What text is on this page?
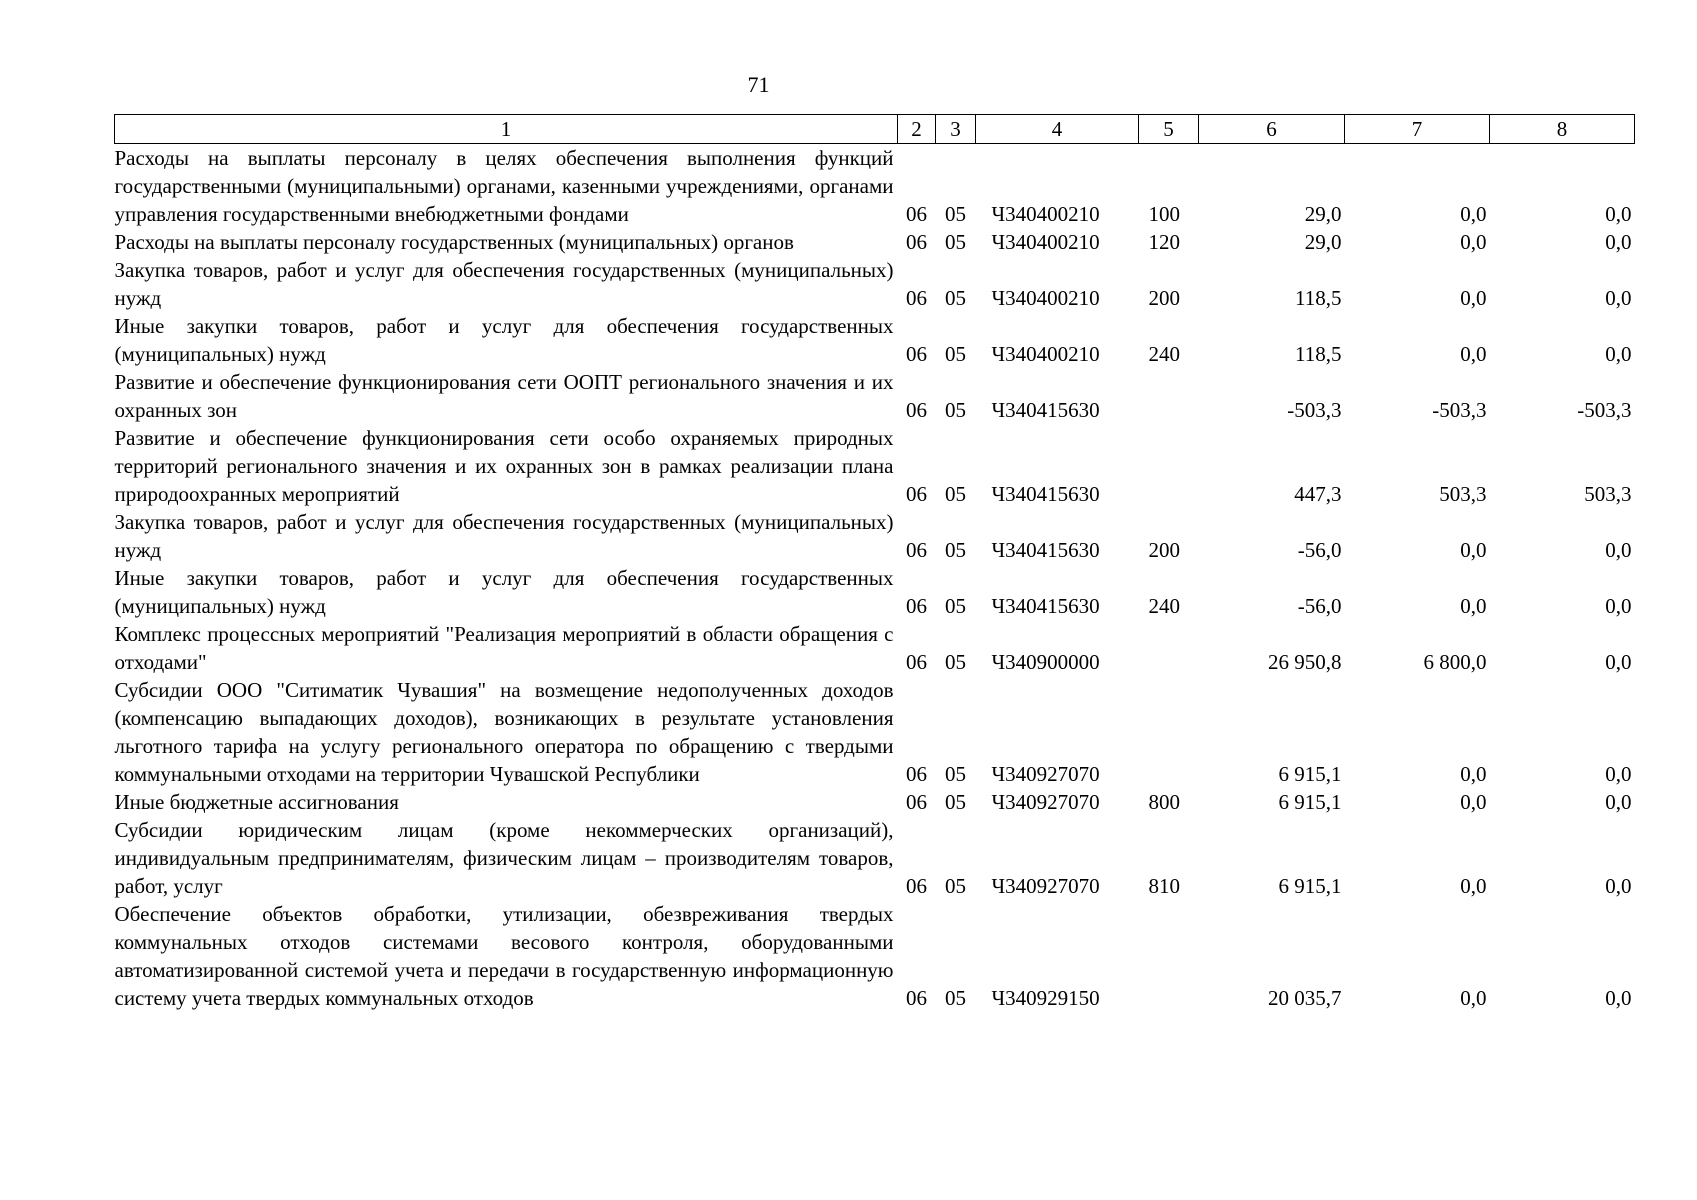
71
1	2	3	4	5	6	7	8
Расходы на выплаты персоналу в целях обеспечения выполнения функций государственными (муниципальными) органами, казенными учреждениями, органами управления государственными внебюджетными фондами	06	05	Ч340400210	100	29,0	0,0	0,0
Расходы на выплаты персоналу государственных (муниципальных) органов	06	05	Ч340400210	120	29,0	0,0	0,0
Закупка товаров, работ и услуг для обеспечения государственных (муниципальных) нужд	06	05	Ч340400210	200	118,5	0,0	0,0
Иные закупки товаров, работ и услуг для обеспечения государственных (муниципальных) нужд	06	05	Ч340400210	240	118,5	0,0	0,0
Развитие и обеспечение функционирования сети ООПТ регионального значения и их охранных зон	06	05	Ч340415630		-503,3	-503,3	-503,3
Развитие и обеспечение функционирования сети особо охраняемых природных территорий регионального значения и их охранных зон в рамках реализации плана природоохранных мероприятий	06	05	Ч340415630		447,3	503,3	503,3
Закупка товаров, работ и услуг для обеспечения государственных (муниципальных) нужд	06	05	Ч340415630	200	-56,0	0,0	0,0
Иные закупки товаров, работ и услуг для обеспечения государственных (муниципальных) нужд	06	05	Ч340415630	240	-56,0	0,0	0,0
Комплекс процессных мероприятий "Реализация мероприятий в области обращения с отходами"	06	05	Ч340900000		26 950,8	6 800,0	0,0
Субсидии ООО "Ситиматик Чувашия" на возмещение недополученных доходов (компенсацию выпадающих доходов), возникающих в результате установления льготного тарифа на услугу регионального оператора по обращению с твердыми коммунальными отходами на территории Чувашской Республики	06	05	Ч340927070		6 915,1	0,0	0,0
Иные бюджетные ассигнования	06	05	Ч340927070	800	6 915,1	0,0	0,0
Субсидии юридическим лицам (кроме некоммерческих организаций), индивидуальным предпринимателям, физическим лицам – производителям товаров, работ, услуг	06	05	Ч340927070	810	6 915,1	0,0	0,0
Обеспечение объектов обработки, утилизации, обезвреживания твердых коммунальных отходов системами весового контроля, оборудованными автоматизированной системой учета и передачи в государственную информационную систему учета твердых коммунальных отходов	06	05	Ч340929150		20 035,7	0,0	0,0
